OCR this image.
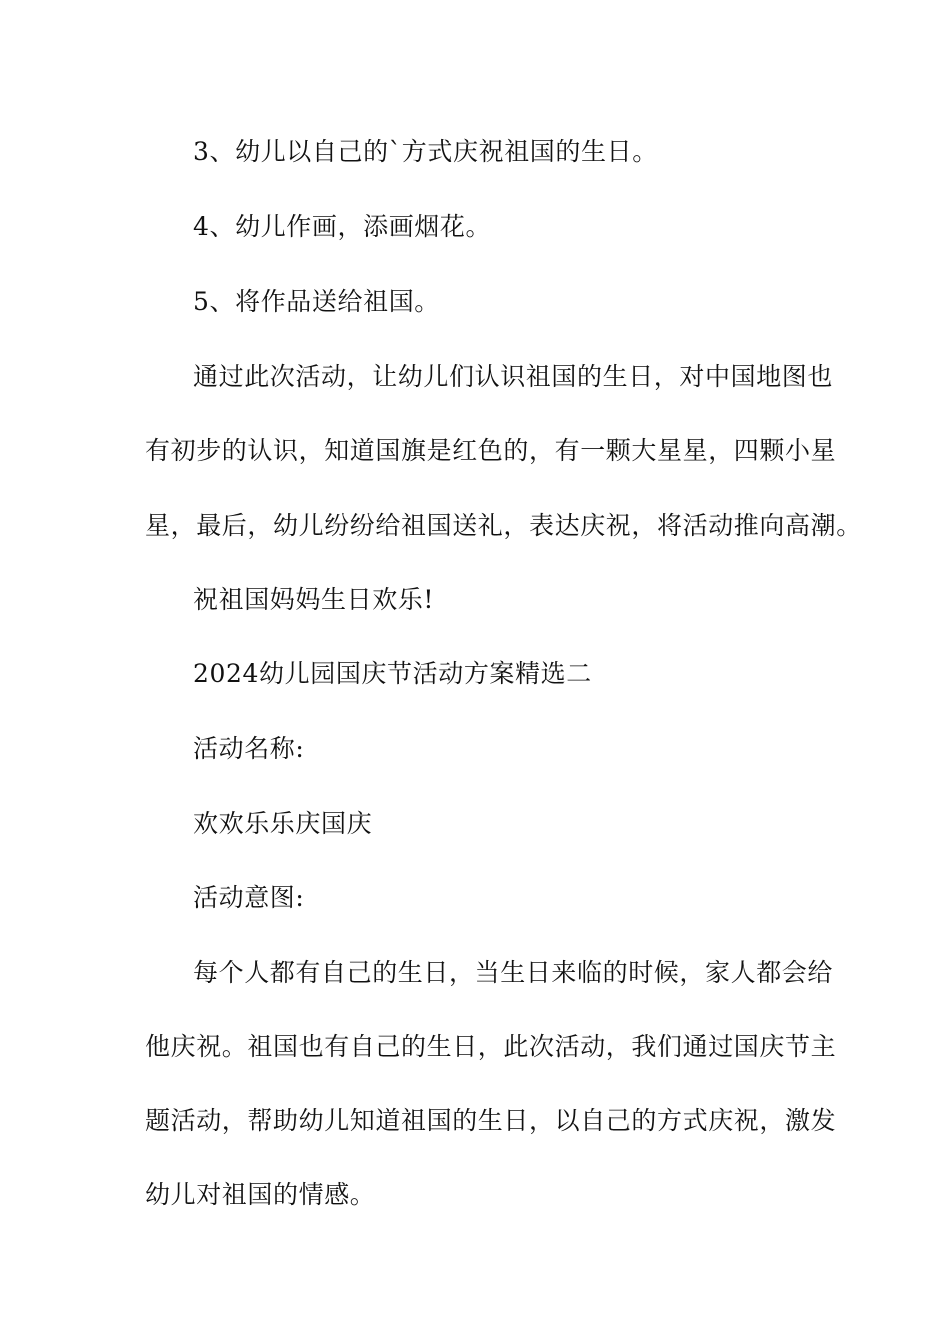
3、幼儿以自己的`方式庆祝祖国的生日。
4、幼儿作画，添画烟花。
5、将作品送给祖国。
通过此次活动，让幼儿们认识祖国的生日，对中国地图也
有初步的认识，知道国旗是红色的，有一颗大星星，四颗小星
星，最后，幼儿纷纷给祖国送礼，表达庆祝，将活动推向高潮。
祝祖国妈妈生日欢乐!
2024幼儿园国庆节活动方案精选二
活动名称:
欢欢乐乐庆国庆
活动意图:
每个人都有自己的生日，当生日来临的时候，家人都会给
他庆祝。祖国也有自己的生日，此次活动，我们通过国庆节主
题活动，帮助幼儿知道祖国的生日，以自己的方式庆祝，激发
幼儿对祖国的情感。
